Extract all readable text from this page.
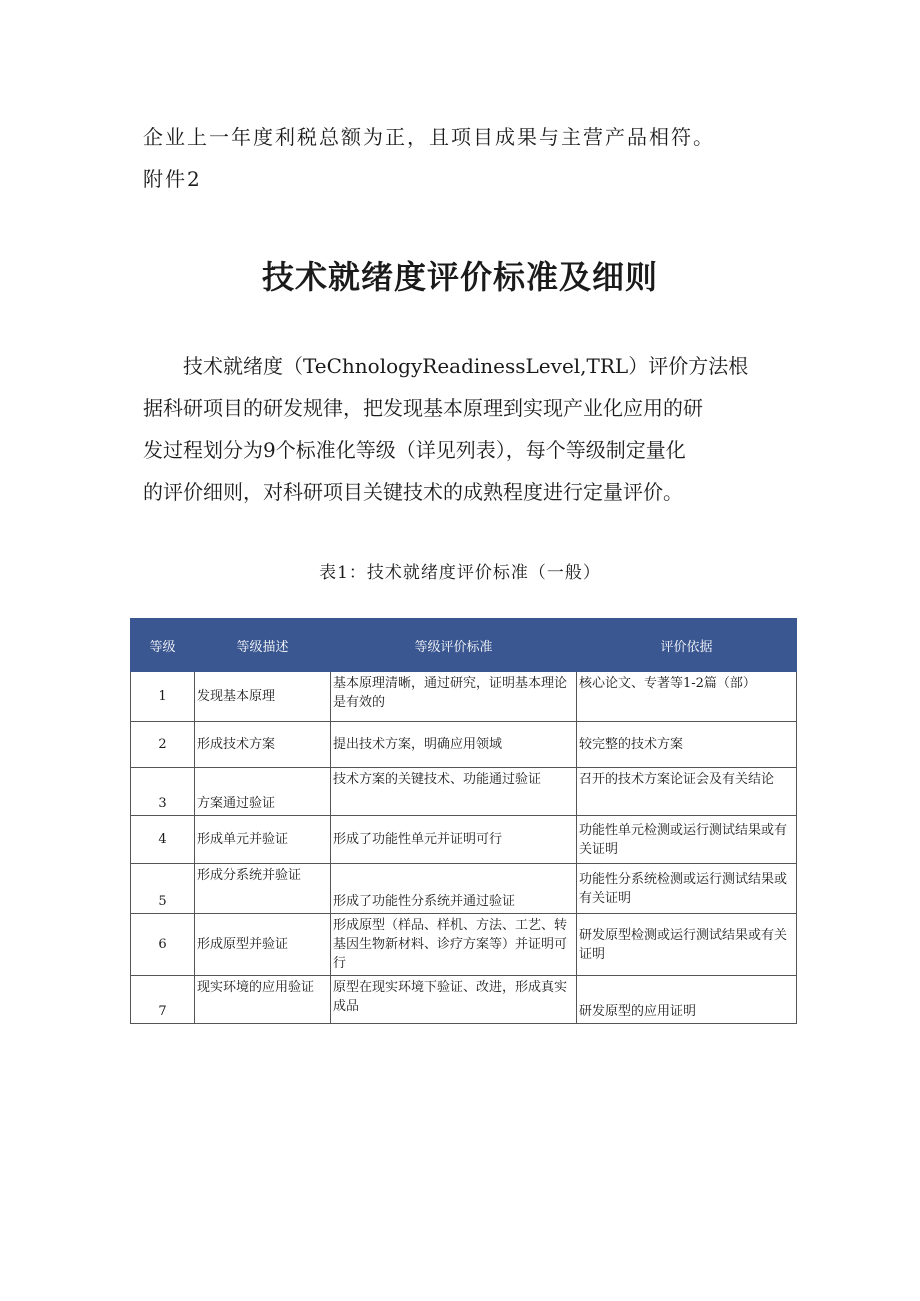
企业上一年度利税总额为正，且项目成果与主营产品相符。

附件2

技术就绪度评价标准及细则

技术就绪度（TeChnologyReadinessLevel,TRL）评价方法根
据科研项目的研发规律，把发现基本原理到实现产业化应用的研
发过程划分为9个标准化等级（详见列表），每个等级制定量化
的评价细则，对科研项目关键技术的成熟程度进行定量评价。

表1：技术就绪度评价标准（一般）

等级	等级描述	等级评价标准	评价依据
1	发现基本原理	基本原理清晰，通过研究，证明基本理论是有效的	核心论文、专著等1-2篇（部）
2	形成技术方案	提出技术方案，明确应用领域	较完整的技术方案
3	方案通过验证	技术方案的关键技术、功能通过验证	召开的技术方案论证会及有关结论
4	形成单元并验证	形成了功能性单元并证明可行	功能性单元检测或运行测试结果或有关证明
5	形成分系统并验证	形成了功能性分系统并通过验证	功能性分系统检测或运行测试结果或有关证明
6	形成原型并验证	形成原型（样品、样机、方法、工艺、转基因生物新材料、诊疗方案等）并证明可行	研发原型检测或运行测试结果或有关证明
7	现实环境的应用验证	原型在现实环境下验证、改进，形成真实成品	研发原型的应用证明
